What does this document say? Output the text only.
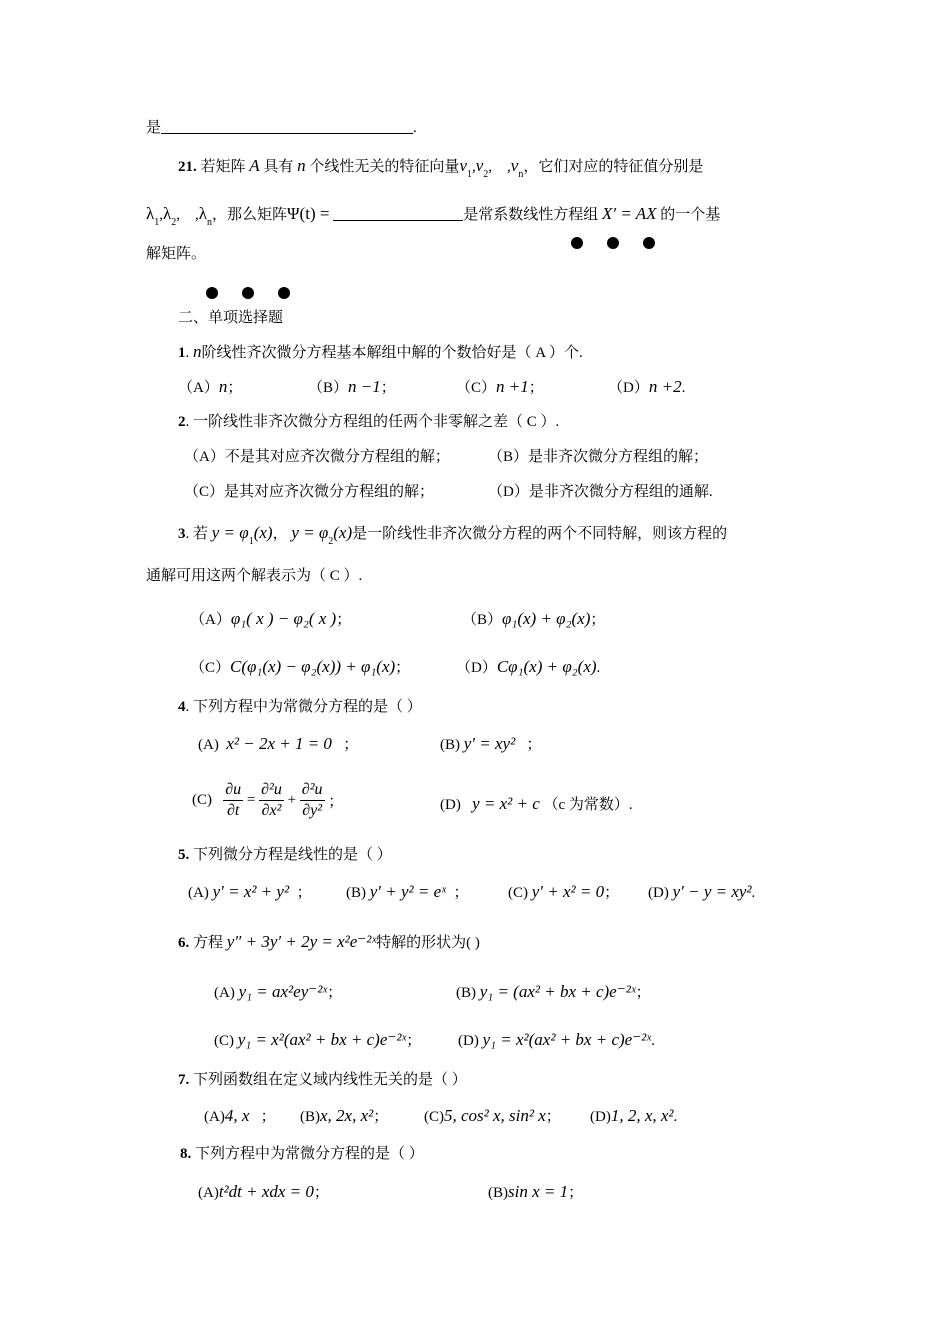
是	.
21. 若矩阵 A 具有 n 个线性无关的特征向量$v_1,v_2$, $,v_n$，它们对应的特征值分别是
$\lambda_1,\lambda_2$, $,\lambda_n$，那么矩阵Ψ(t) =	是常系数线性方程组 X′ = AX 的一个基
解矩阵。
二、单项选择题
1. n阶线性齐次微分方程基本解组中解的个数恰好是（ A ）个.
（A）n；	（B）n −1；	（C）n +1；	（D）n +2.
2. 一阶线性非齐次微分方程组的任两个非零解之差（ C ）.
（A）不是其对应齐次微分方程组的解；	（B）是非齐次微分方程组的解；
（C）是其对应齐次微分方程组的解；	（D）是非齐次微分方程组的通解.
3. 若 $y = \varphi_1(x)$， $y = \varphi_2(x)$是一阶线性非齐次微分方程的两个不同特解，则该方程的
通解可用这两个解表示为（ C ）.
（A）φ₁( x ) − φ₂( x )；	（B）φ₁(x) + φ₂(x)；
（C）C(φ₁(x) − φ₂(x)) + φ₁(x)；	（D）Cφ₁(x) + φ₂(x).
4. 下列方程中为常微分方程的是（ ）
(A) x² − 2x + 1 = 0 ；	(B) y′ = xy² ；
$(C) \frac{\partial u}{\partial t} = \frac{\text{∂²u}}{\text{∂x²}} + \frac{\text{∂²u}}{\text{∂y²}}$ ；	(D) y = x² + c （c 为常数）.
5. 下列微分方程是线性的是（ ）
(A) y′ = x² + y² ； (B) y′ + y² = eˣ ；	(C) y′ + x² = 0； (D) y′ − y = xy².
6. 方程 y″ + 3y′ + 2y = x²e⁻²ˣ特解的形状为( )
(A) y₁ = ax²ey⁻²ˣ；	(B) y₁ = (ax² + bx + c)e⁻²ˣ；
(C) y₁ = x²(ax² + bx + c)e⁻²ˣ； (D) y₁ = x²(ax² + bx + c)e⁻²ˣ.
7. 下列函数组在定义域内线性无关的是（ ）
(A)4, x ； (B)x, 2x, x²； (C)5, cos² x, sin² x； (D)1, 2, x, x².
8. 下列方程中为常微分方程的是（ ）
(A)t²dt + xdx = 0；	(B)sin x = 1；
